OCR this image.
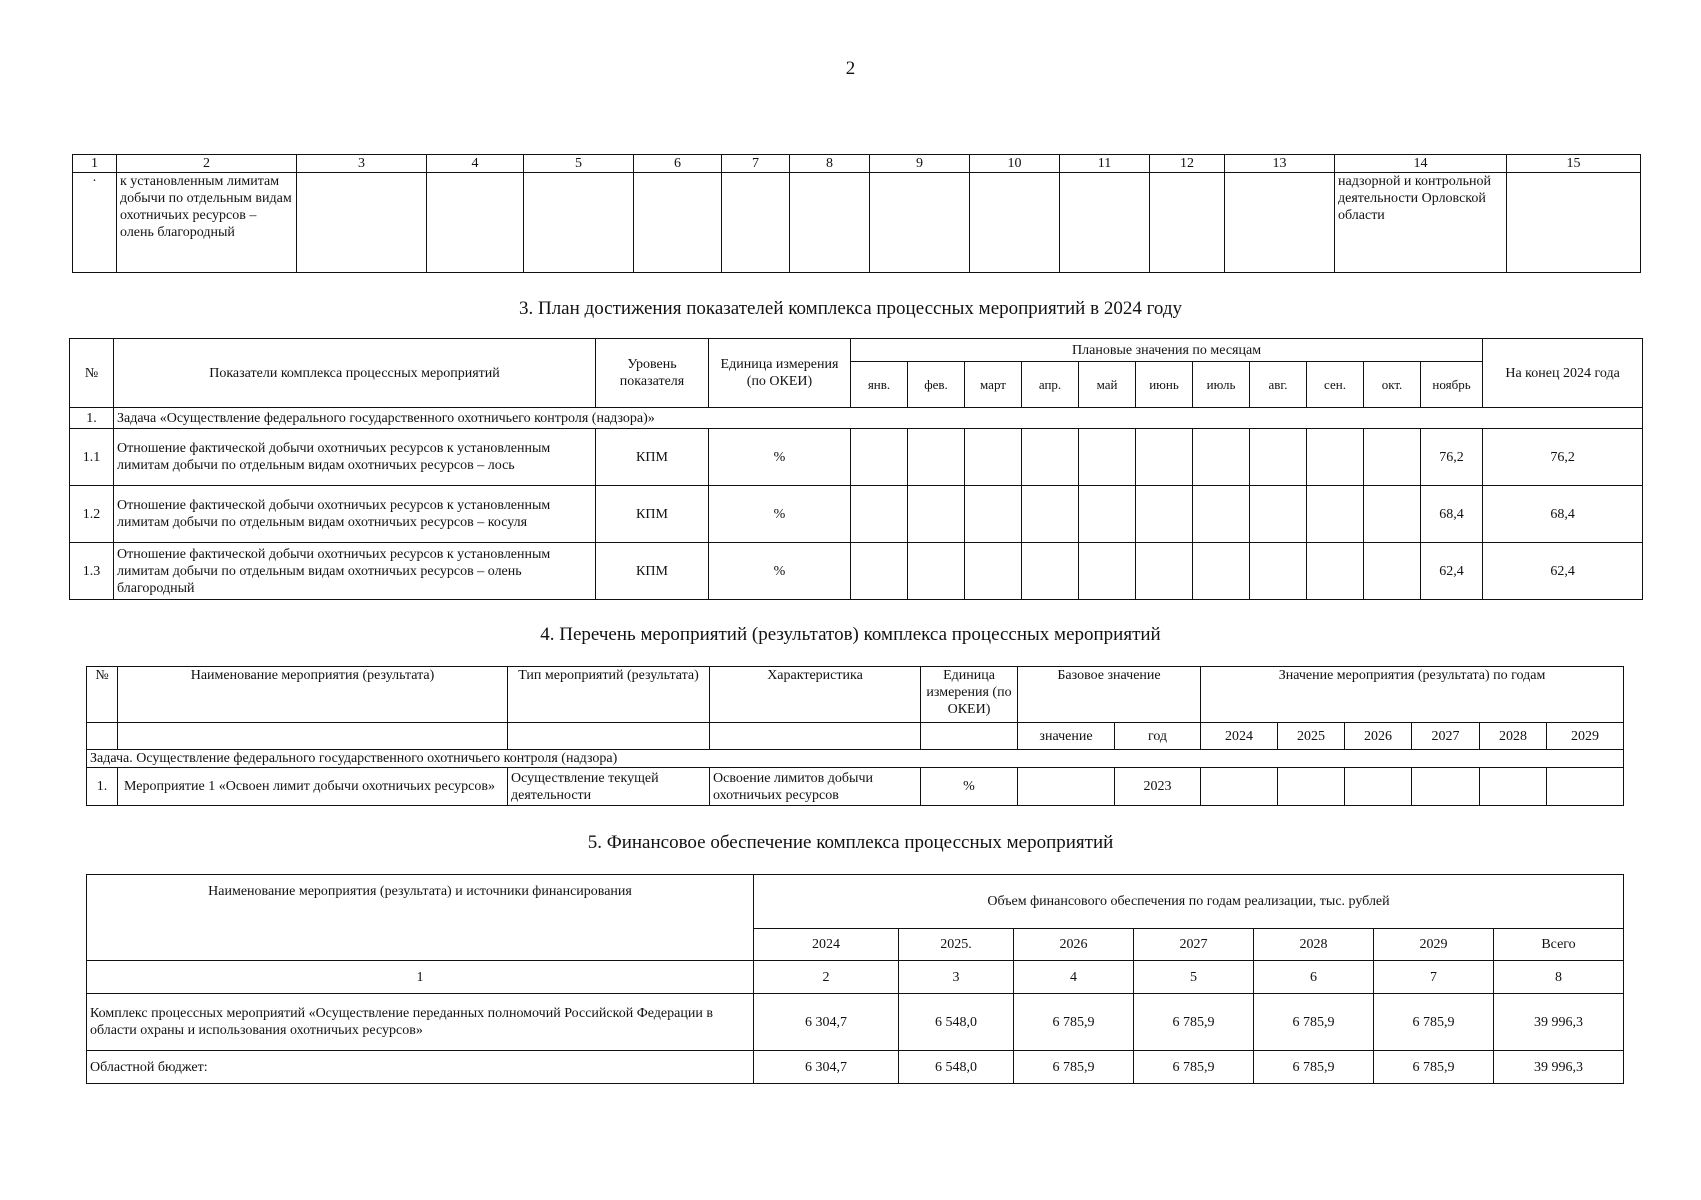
2
1	2	3	4	5	6	7	8	9	10	11	12	13	14	15
·	к установленным лимитам добычи по отдельным видам охотничьих ресурсов – олень благородный												надзорной и контрольной деятельности Орловской области	
3. План достижения показателей комплекса процессных мероприятий в 2024 году
№	Показатели комплекса процессных мероприятий	Уровень показателя	Единица измерения (по ОКЕИ)	Плановые значения по месяцам											На конец 2024 года
				янв.	фев.	март	апр.	май	июнь	июль	авг.	сен.	окт.	ноябрь	
1.	Задача «Осуществление федерального государственного охотничьего контроля (надзора)»														
1.1	Отношение фактической добычи охотничьих ресурсов к установленным лимитам добычи по отдельным видам охотничьих ресурсов – лось	КПМ	%											76,2	76,2
1.2	Отношение фактической добычи охотничьих ресурсов к установленным лимитам добычи по отдельным видам охотничьих ресурсов – косуля	КПМ	%											68,4	68,4
1.3	Отношение фактической добычи охотничьих ресурсов к установленным лимитам добычи по отдельным видам охотничьих ресурсов – олень благородный	КПМ	%											62,4	62,4
4. Перечень мероприятий (результатов) комплекса процессных мероприятий
№	Наименование мероприятия (результата)	Тип мероприятий (результата)	Характеристика	Единица измерения (по ОКЕИ)	Базовое значение		Значение мероприятия (результата) по годам					
					значение	год	2024	2025	2026	2027	2028	2029
Задача. Осуществление федерального государственного охотничьего контроля (надзора)												
1.	Мероприятие 1 «Освоен лимит добычи охотничьих ресурсов»	Осуществление текущей деятельности	Освоение лимитов добычи охотничьих ресурсов	%		2023						
5. Финансовое обеспечение комплекса процессных мероприятий
Наименование мероприятия (результата) и источники финансирования	Объем финансового обеспечения по годам реализации, тыс. рублей						
	2024	2025.	2026	2027	2028	2029	Всего
1	2	3	4	5	6	7	8
Комплекс процессных мероприятий «Осуществление переданных полномочий Российской Федерации в области охраны и использования охотничьих ресурсов»	6 304,7	6 548,0	6 785,9	6 785,9	6 785,9	6 785,9	39 996,3
Областной бюджет:	6 304,7	6 548,0	6 785,9	6 785,9	6 785,9	6 785,9	39 996,3
